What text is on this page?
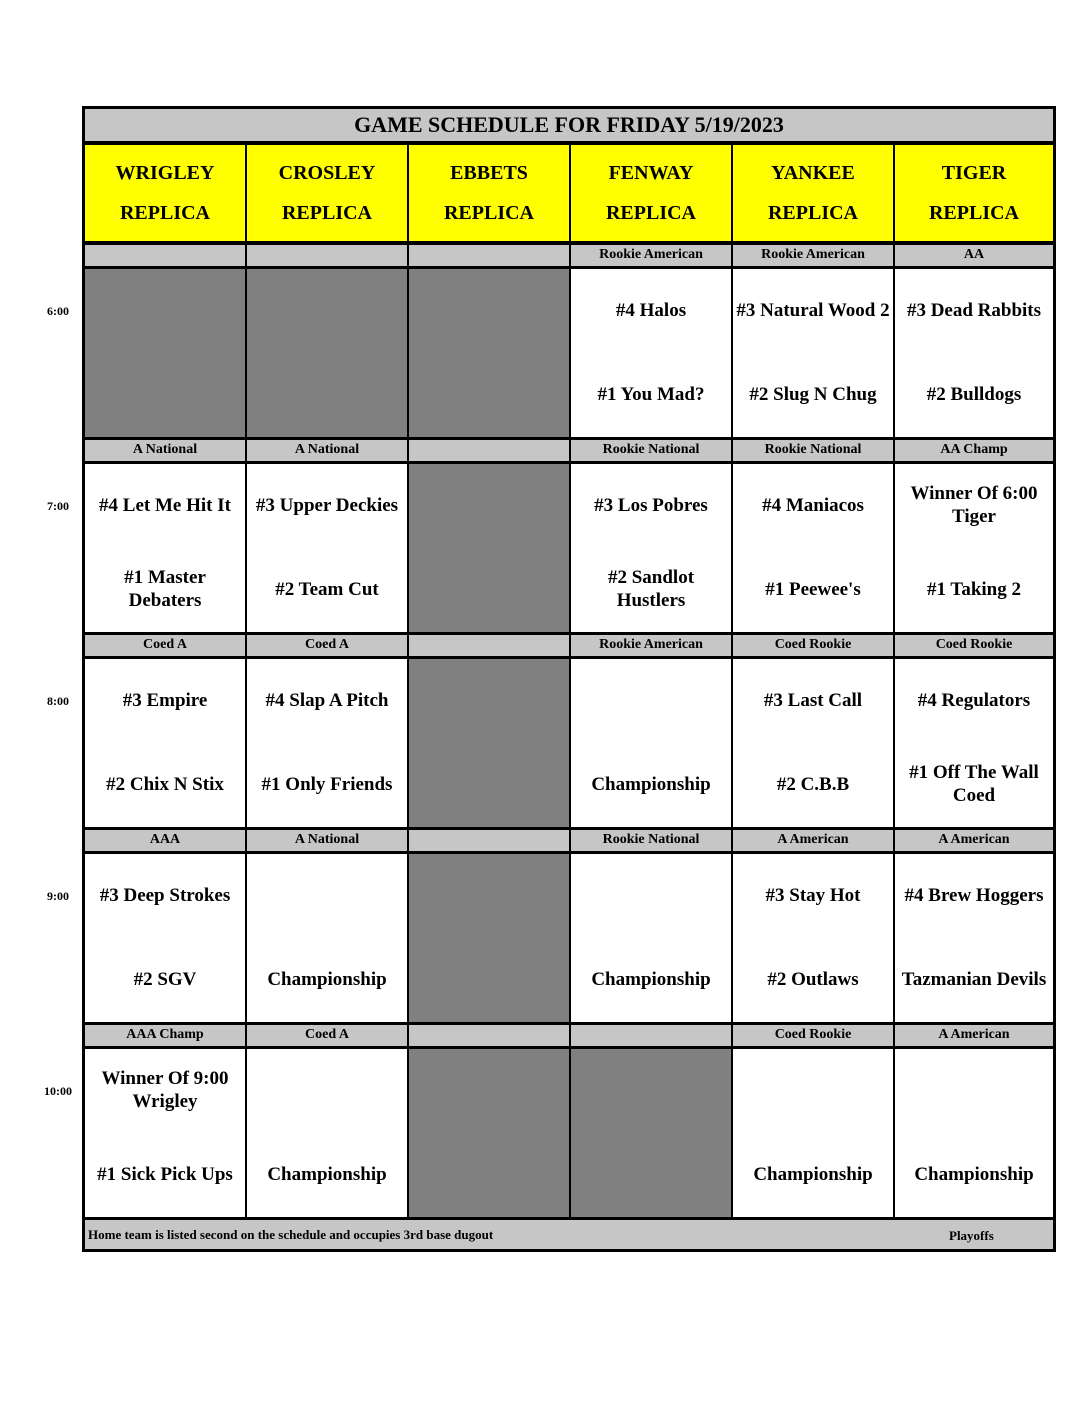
6:00
7:00
8:00
9:00
10:00
GAME SCHEDULE FOR FRIDAY 5/19/2023
WRIGLEY
REPLICA
CROSLEY
REPLICA
EBBETS
REPLICA
FENWAY
REPLICA
YANKEE
REPLICA
TIGER
REPLICA
Rookie American
#4 Halos
#1 You Mad?
Rookie American
#3 Natural Wood 2
#2 Slug N Chug
AA
#3 Dead Rabbits
#2 Bulldogs
A National
#4 Let Me Hit It
#1 Master Debaters
A National
#3 Upper Deckies
#2 Team Cut
Rookie National
#3 Los Pobres
#2 Sandlot Hustlers
Rookie National
#4 Maniacos
#1 Peewee's
AA Champ
Winner Of 6:00 Tiger
#1 Taking 2
Coed A
#3 Empire
#2 Chix N Stix
Coed A
#4 Slap A Pitch
#1 Only Friends
Rookie American
Championship
Coed Rookie
#3 Last Call
#2 C.B.B
Coed Rookie
#4 Regulators
#1 Off The Wall Coed
AAA
#3 Deep Strokes
#2 SGV
A National
Championship
Rookie National
Championship
A American
#3 Stay Hot
#2 Outlaws
A American
#4 Brew Hoggers
Tazmanian Devils
AAA Champ
Winner Of 9:00 Wrigley
#1 Sick Pick Ups
Coed A
Championship
Coed Rookie
Championship
A American
Championship
Home team is listed second on the schedule and occupies 3rd base dugout	Playoffs
